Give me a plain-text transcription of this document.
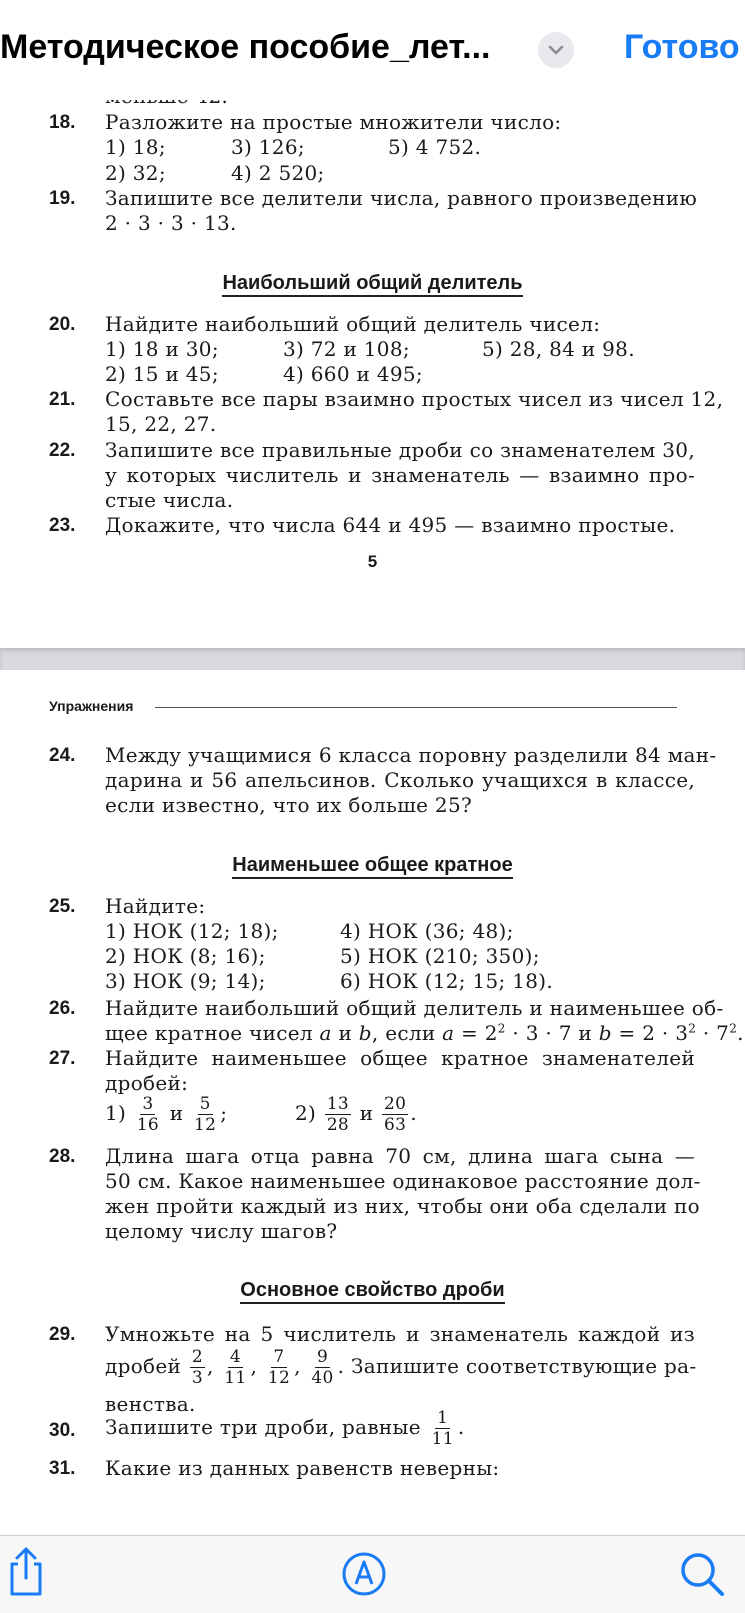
Методическое пособие_лет...	Готово
18. Разложите на простые множители число:
1) 18;	3) 126;	5) 4 752.
2) 32;	4) 2 520;
19. Запишите все делители числа, равного произведению
2 · 3 · 3 · 13.
Наибольший общий делитель
20. Найдите наибольший общий делитель чисел:
1) 18 и 30;	3) 72 и 108;	5) 28, 84 и 98.
2) 15 и 45;	4) 660 и 495;
21. Составьте все пары взаимно простых чисел из чисел 12,
15, 22, 27.
22. Запишите все правильные дроби со знаменателем 30,
у которых числитель и знаменатель — взаимно про-
стые числа.
23. Докажите, что числа 644 и 495 — взаимно простые.
5
Упражнения
24. Между учащимися 6 класса поровну разделили 84 ман-
дарина и 56 апельсинов. Сколько учащихся в классе,
если известно, что их больше 25?
Наименьшее общее кратное
25. Найдите:
1) НОК (12; 18);	4) НОК (36; 48);
2) НОК (8; 16);	5) НОК (210; 350);
3) НОК (9; 14);	6) НОК (12; 15; 18).
26. Найдите наибольший общий делитель и наименьшее об-
щее кратное чисел a и b, если $a = 2^2 \cdot 3 \cdot 7$ и $b = 2 \cdot 3^2 \cdot 7^2$.
27. Найдите наименьшее общее кратное знаменателей
дробей:
$1) \frac{3}{16}$ и $\frac{5}{12}$ ;	$2) \frac{13}{28}$ и $\frac{20}{63}$ .
28. Длина шага отца равна 70 см, длина шага сына —
50 см. Какое наименьшее одинаковое расстояние дол-
жен пройти каждый из них, чтобы они оба сделали по
целому числу шагов?
Основное свойство дроби
29. Умножьте на 5 числитель и знаменатель каждой из
дробей $\frac{2}{3}$ , $\frac{4}{11}$ , $\frac{7}{12}$ , $\frac{9}{40}$ . Запишите соответствующие ра-
венства.
30. Запишите три дроби, равные $\frac{1}{11}$ .
31. Какие из данных равенств неверны:
